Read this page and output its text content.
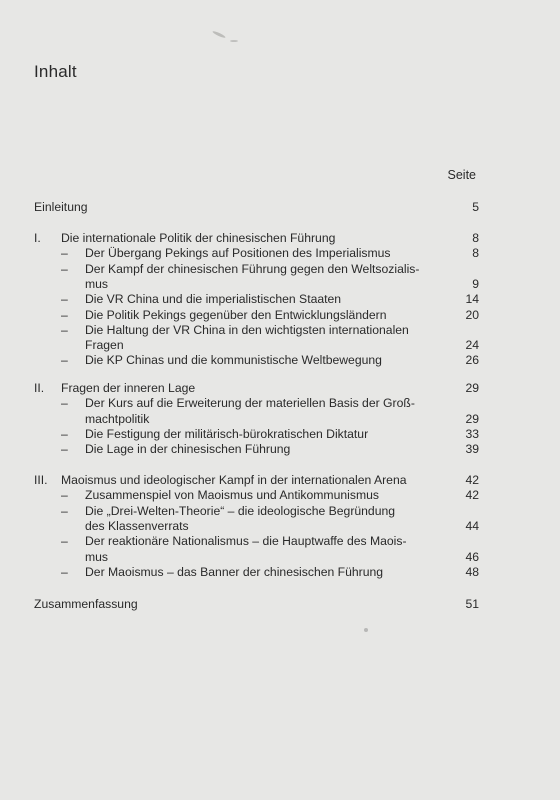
Inhalt
Seite
Einleitung	5
I. Die internationale Politik der chinesischen Führung	8
– Der Übergang Pekings auf Positionen des Imperialismus	8
– Der Kampf der chinesischen Führung gegen den Weltsozialis-
mus	9
– Die VR China und die imperialistischen Staaten	14
– Die Politik Pekings gegenüber den Entwicklungsländern	20
– Die Haltung der VR China in den wichtigsten internationalen
Fragen	24
– Die KP Chinas und die kommunistische Weltbewegung	26
II. Fragen der inneren Lage	29
– Der Kurs auf die Erweiterung der materiellen Basis der Groß-
machtpolitik	29
– Die Festigung der militärisch-bürokratischen Diktatur	33
– Die Lage in der chinesischen Führung	39
III. Maoismus und ideologischer Kampf in der internationalen Arena	42
– Zusammenspiel von Maoismus und Antikommunismus	42
– Die „Drei-Welten-Theorie“ – die ideologische Begründung
des Klassenverrats	44
– Der reaktionäre Nationalismus – die Hauptwaffe des Maois-
mus	46
– Der Maoismus – das Banner der chinesischen Führung	48
Zusammenfassung	51
